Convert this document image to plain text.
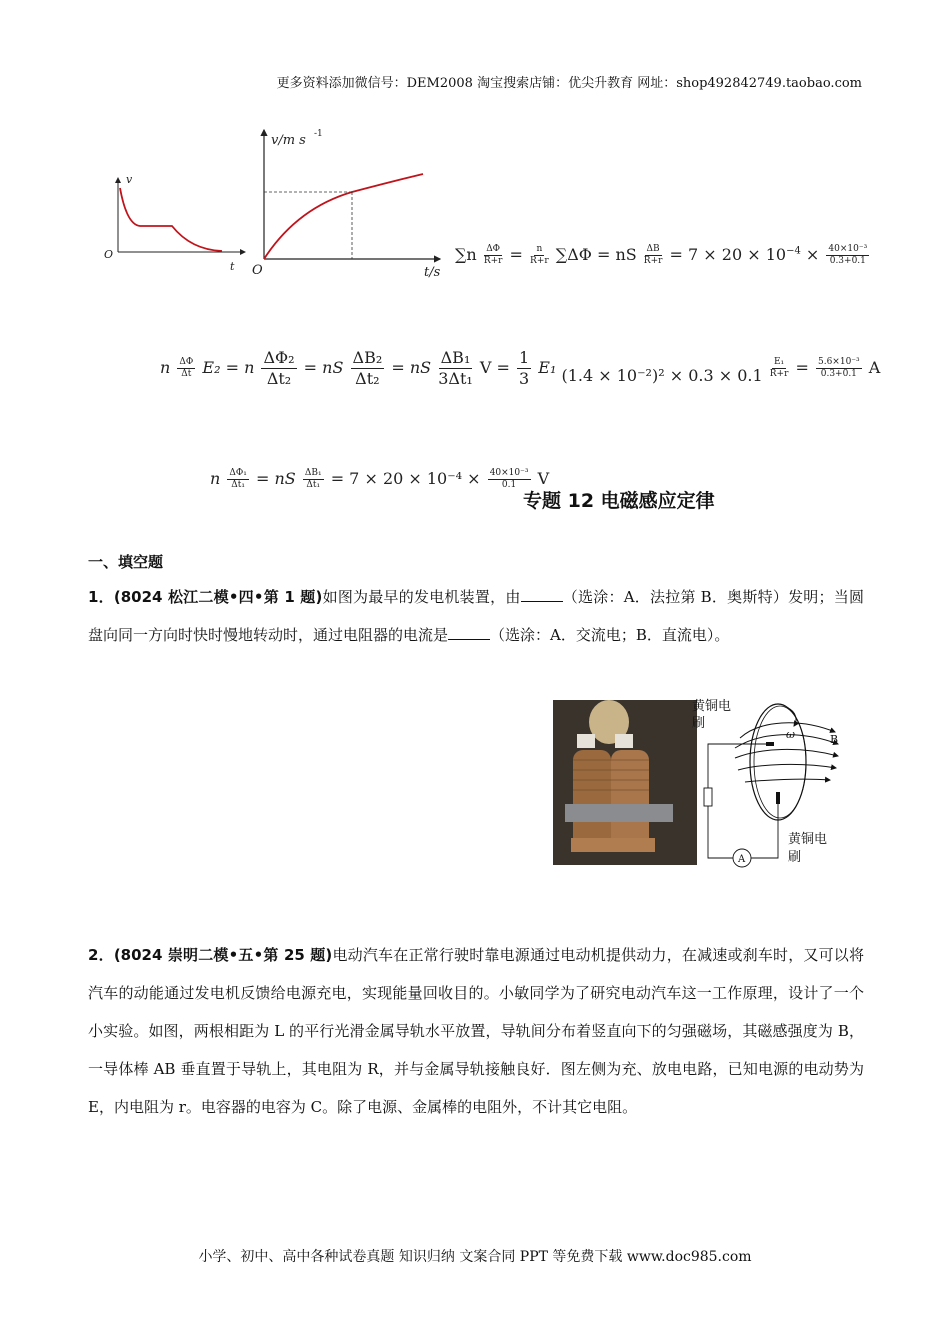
更多资料添加微信号：DEM2008 淘宝搜索店铺：优尖升教育 网址：shop492842749.taobao.com
小学、初中、高中各种试卷真题 知识归纳 文案合同 PPT 等免费下载 www.doc985.com
v
t
O
v/m s -1
t/s
O
$\sum n \frac{\Delta\Phi}{R+r} = \frac{n}{R+r} \sum\Delta\Phi$ = nS $\frac{\Delta B}{R+r} = 7 \times 20 \times 10^{-4} \times \frac{\text{40×10⁻³}}{0.3+0.1}$
n $\frac{\Delta\Phi}{\Delta t} E_2 = n \frac{\text{ΔΦ₂}}{\text{Δt₂}}$ = nS $\frac{\text{ΔB₂}}{\text{Δt₂}}$ = nS $\frac{\text{ΔB₁}}{\text{3Δt₁}}$ $V = \frac{1}{3} E_1$ $(1.4 \times 10^{-2})^2 \times 0.3 \times 0.1 \frac{\text{E₁}}{R+r} = \frac{\text{5.6×10⁻³}}{0.3+0.1}$ A
n $\frac{\text{ΔΦ₁}}{\text{Δt₁}}$ = nS $\frac{\text{ΔB₁}}{\text{Δt₁}} = 7 \times 20 \times 10^{-4} \times \frac{\text{40×10⁻³}}{0.1}$ V
专题 12 电磁感应定律
一、填空题
1．(8024 松江二模•四•第 1 题)如图为最早的发电机装置，由	（选涂：A．法拉第 B．奥斯特）发明；当圆盘向同一方向时快时慢地转动时，通过电阻器的电流是	（选涂：A．交流电；B．直流电）。
A
ω	B
黄铜电
刷
黄铜电
刷
2．(8024 崇明二模•五•第 25 题)电动汽车在正常行驶时靠电源通过电动机提供动力，在减速或刹车时，又可以将汽车的动能通过发电机反馈给电源充电，实现能量回收目的。小敏同学为了研究电动汽车这一工作原理，设计了一个小实验。如图，两根相距为 L 的平行光滑金属导轨水平放置，导轨间分布着竖直向下的匀强磁场，其磁感强度为 B，一导体棒 AB 垂直置于导轨上，其电阻为 R，并与金属导轨接触良好．图左侧为充、放电电路，已知电源的电动势为 E，内电阻为 r。电容器的电容为 C。除了电源、金属棒的电阻外，不计其它电阻。
